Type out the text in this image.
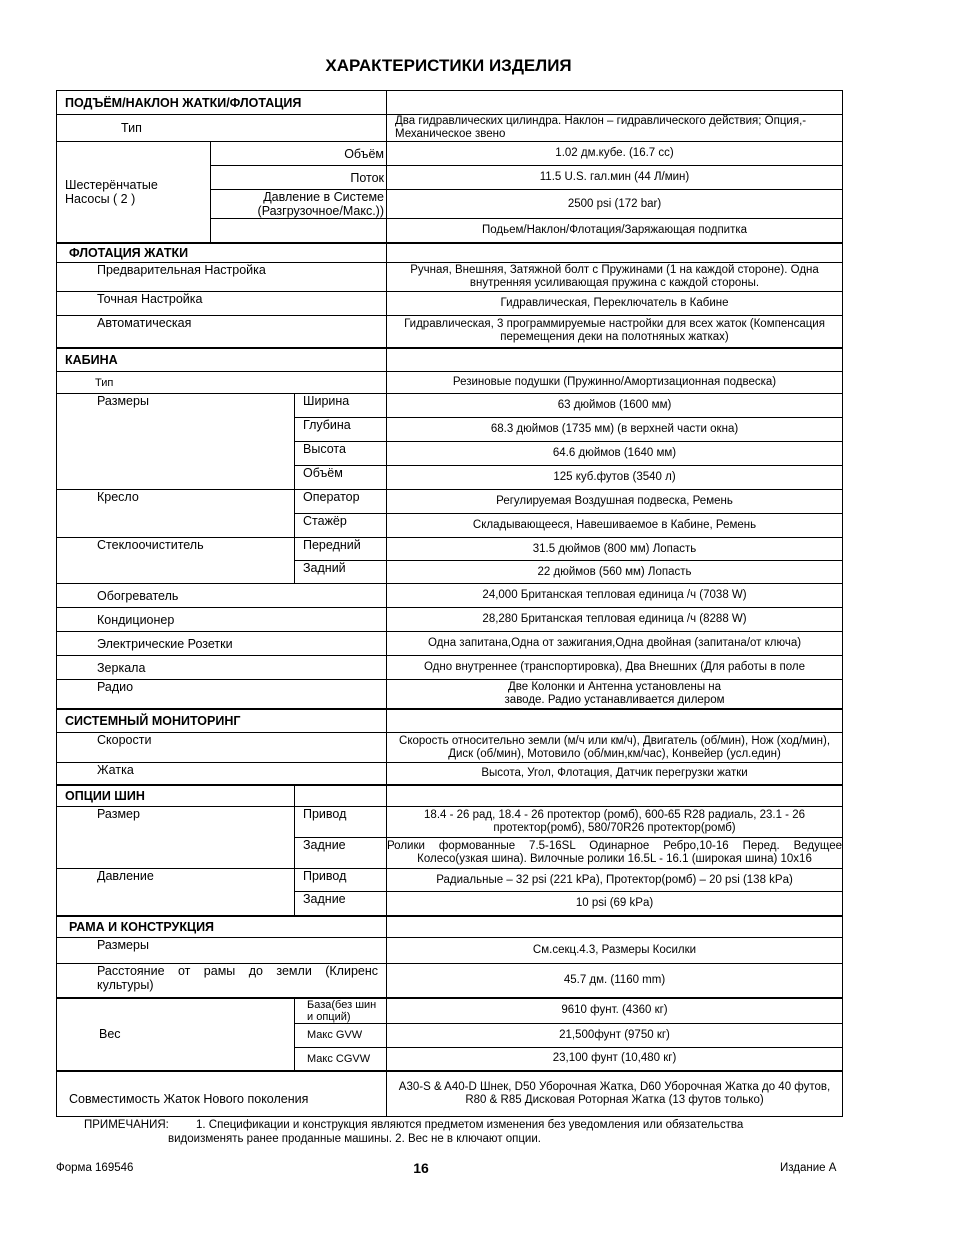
ХАРАКТЕРИСТИКИ ИЗДЕЛИЯ
ПОДЪЁМ/НАКЛОН ЖАТКИ/ФЛОТАЦИЯ			
Тип			Два гидравлических цилиндра. Наклон – гидравлического действия; Опция,- Механическое звено
Шестерёнчатые Насосы ( 2 )	Объём		1.02 дм.кубе. (16.7 cc)
	Поток		11.5 U.S. гал.мин (44 Л/мин)
	Давление в Системе (Разгрузочное/Макс.))		2500 psi (172 bar)
			Подьем/Наклон/Флотация/Заряжающая подпитка
ФЛОТАЦИЯ ЖАТКИ			
Предварительная Настройка			Ручная, Внешняя, Затяжной болт с Пружинами (1 на каждой стороне). Одна внутренняя усиливающая пружина с каждой стороны.
Точная Настройка			Гидравлическая, Переключатель в Кабине
Автоматическая			Гидравлическая, 3 программируемые настройки для всех жаток (Компенсация перемещения деки на полотняных жатках)
КАБИНА			
Тип			Резиновые подушки (Пружинно/Амортизационная подвеска)
Размеры		Ширина	63 дюймов (1600 мм)
		Глубина	68.3 дюймов (1735 мм) (в верхней части окна)
		Высота	64.6 дюймов (1640 мм)
		Объём	125 куб.футов (3540 л)
Кресло		Оператор	Регулируемая Воздушная подвеска, Ремень
		Стажёр	Складывающееся, Навешиваемое в Кабине, Ремень
Стеклоочиститель		Передний	31.5 дюймов (800 мм) Лопасть
		Задний	22 дюймов (560 мм) Лопасть
Обогреватель			24,000 Британская тепловая единица /ч (7038 W)
Кондиционер			28,280 Британская тепловая единица /ч (8288 W)
Электрические Розетки			Одна запитана,Одна от зажигания,Одна двойная (запитана/от ключа)
Зеркала			Одно внутреннее (транспортировка), Два Внешних (Для работы в поле
Радио			Две Колонки и Антенна установлены на заводе. Радио устанавливается дилером
СИСТЕМНЫЙ МОНИТОРИНГ			
Скорости			Скорость относительно земли (м/ч или км/ч), Двигатель (об/мин), Нож (ход/мин), Диск (об/мин), Мотовило (об/мин,км/час), Конвейер (усл.един)
Жатка			Высота, Угол, Флотация, Датчик перегрузки жатки
ОПЦИИ ШИН			
Размер		Привод	18.4 - 26 рад, 18.4 - 26 протектор (ромб), 600-65 R28 радиаль, 23.1 - 26 протектор(ромб), 580/70R26 протектор(ромб)
		Задние	Ролики формованные 7.5-16SL Одинарное Ребро,10-16 Перед. Ведущее Колесо(узкая шина). Вилочные ролики 16.5L - 16.1 (широкая шина) 10x16
Давление		Привод	Радиальные – 32 psi (221 kPa), Протектор(ромб) – 20 psi (138 kPa)
		Задние	10 psi (69 kPa)
РАМА И КОНСТРУКЦИЯ			
Размеры			См.секц.4.3, Размеры Косилки
Расстояние от рамы до земли (Клиренс культуры)			45.7 дм. (1160 mm)
Вес		База(без шин и опций)	9610 фунт. (4360 кг)
		Макс GVW	21,500фунт (9750 кг)
		Макс CGVW	23,100 фунт (10,480 кг)
Совместимость Жаток Нового поколения			A30-S & A40-D Шнек, D50 Уборочная Жатка, D60 Уборочная Жатка до 40 футов, R80 & R85 Дисковая Роторная Жатка (13 футов только)
ПРИМЕЧАНИЯ: 1. Спецификации и конструкция являются предметом изменения без уведомления или обязательства
видоизменять ранее проданные машины. 2. Вес не в ключают опции.
Форма 169546	16	Издание А
